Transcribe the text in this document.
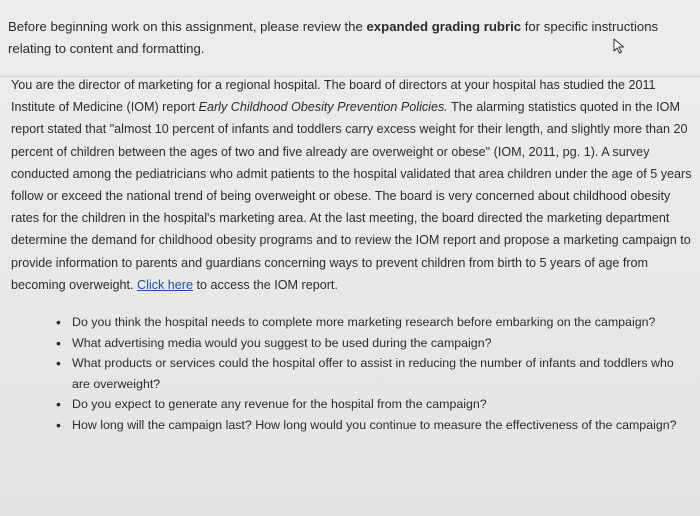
Before beginning work on this assignment, please review the expanded grading rubric for specific instructions relating to content and formatting.

You are the director of marketing for a regional hospital. The board of directors at your hospital has studied the 2011 Institute of Medicine (IOM) report Early Childhood Obesity Prevention Policies. The alarming statistics quoted in the IOM report stated that "almost 10 percent of infants and toddlers carry excess weight for their length, and slightly more than 20 percent of children between the ages of two and five already are overweight or obese" (IOM, 2011, pg. 1). A survey conducted among the pediatricians who admit patients to the hospital validated that area children under the age of 5 years follow or exceed the national trend of being overweight or obese. The board is very concerned about childhood obesity rates for the children in the hospital's marketing area. At the last meeting, the board directed the marketing department determine the demand for childhood obesity programs and to review the IOM report and propose a marketing campaign to provide information to parents and guardians concerning ways to prevent children from birth to 5 years of age from becoming overweight. Click here to access the IOM report.

• Do you think the hospital needs to complete more marketing research before embarking on the campaign?
• What advertising media would you suggest to be used during the campaign?
• What products or services could the hospital offer to assist in reducing the number of infants and toddlers who are overweight?
• Do you expect to generate any revenue for the hospital from the campaign?
• How long will the campaign last? How long would you continue to measure the effectiveness of the campaign?
